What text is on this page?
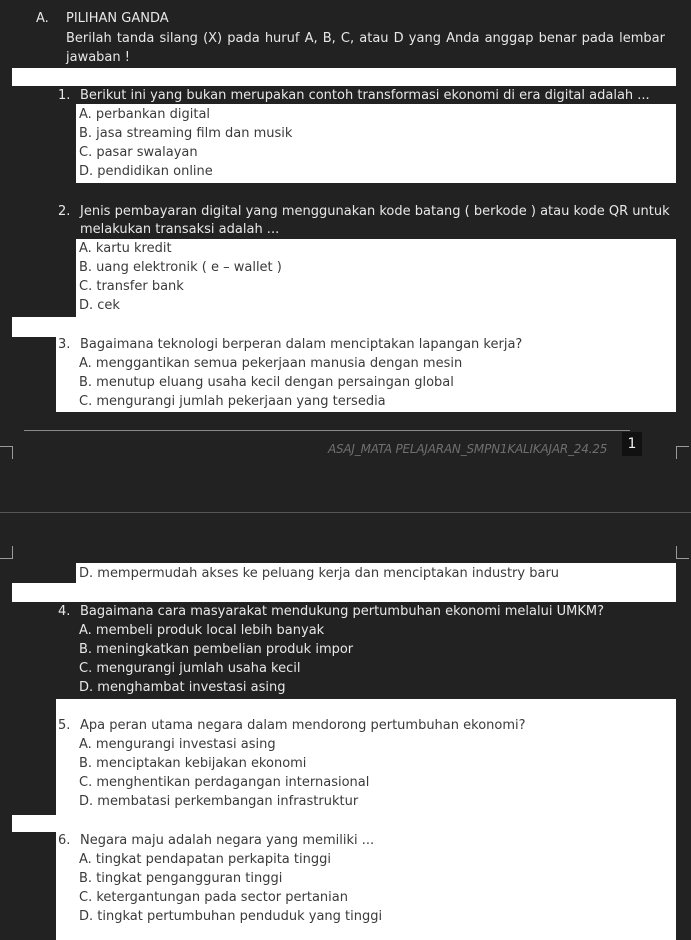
A. PILIHAN GANDA
Berilah tanda silang (X) pada huruf A, B, C, atau D yang Anda anggap benar pada lembar
jawaban !
1. Berikut ini yang bukan merupakan contoh transformasi ekonomi di era digital adalah ...
A. perbankan digital
B. jasa streaming film dan musik
C. pasar swalayan
D. pendidikan online
2. Jenis pembayaran digital yang menggunakan kode batang ( berkode ) atau kode QR untuk
melakukan transaksi adalah ...
A. kartu kredit
B. uang elektronik ( e – wallet )
C. transfer bank
D. cek
3. Bagaimana teknologi berperan dalam menciptakan lapangan kerja?
A. menggantikan semua pekerjaan manusia dengan mesin
B. menutup eluang usaha kecil dengan persaingan global
C. mengurangi jumlah pekerjaan yang tersedia
ASAJ_MATA PELAJARAN_SMPN1KALIKAJAR_24.25	1
D. mempermudah akses ke peluang kerja dan menciptakan industry baru
4. Bagaimana cara masyarakat mendukung pertumbuhan ekonomi melalui UMKM?
A. membeli produk local lebih banyak
B. meningkatkan pembelian produk impor
C. mengurangi jumlah usaha kecil
D. menghambat investasi asing
5. Apa peran utama negara dalam mendorong pertumbuhan ekonomi?
A. mengurangi investasi asing
B. menciptakan kebijakan ekonomi
C. menghentikan perdagangan internasional
D. membatasi perkembangan infrastruktur
6. Negara maju adalah negara yang memiliki ...
A. tingkat pendapatan perkapita tinggi
B. tingkat pengangguran tinggi
C. ketergantungan pada sector pertanian
D. tingkat pertumbuhan penduduk yang tinggi
